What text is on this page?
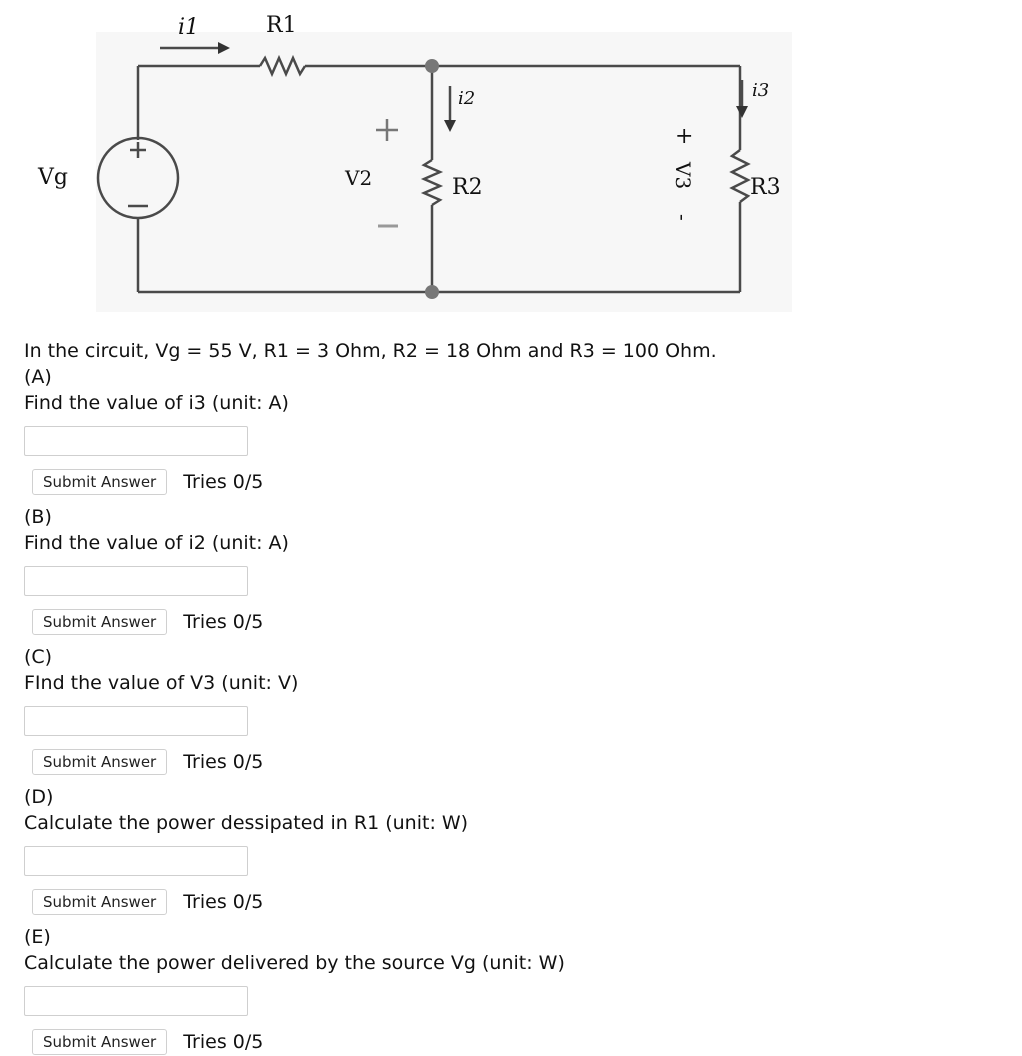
i1	R1
i2	i3
Vg	V2	R2	R3
+
V3
-

In the circuit, Vg = 55 V, R1 = 3 Ohm, R2 = 18 Ohm and R3 = 100 Ohm.

(A)

Find the value of i3 (unit: A)

Submit Answer	Tries 0/5

(B)

Find the value of i2 (unit: A)

Submit Answer	Tries 0/5

(C)

FInd the value of V3 (unit: V)

Submit Answer	Tries 0/5

(D)

Calculate the power dessipated in R1 (unit: W)

Submit Answer	Tries 0/5

(E)

Calculate the power delivered by the source Vg (unit: W)

Submit Answer	Tries 0/5
